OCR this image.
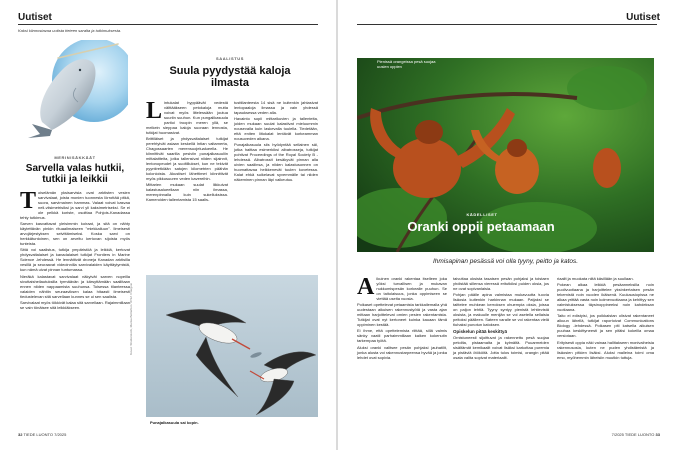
Uutiset
Kaksi kiinnostavaa uutista tieteen saralta ja tutkimuksesta.
MERINISÄKKÄÄT
Sarvella valas hutkii, tutkii ja leikkii
T oiselämän yksisarvisia ovat arktisten vesien sarvivalaat, joista monien tuonnesta lörrottää pitkä, suora, sarvimainen hammas. Valaat voivat kasvaa neli-viisimetrisiksi ja sarvi yli kaksimetriseksi. Se ei ole pelkkä koriste, osoittaa Pohjois-Kanadassa tehty tutkimus.

Sarven kasvattavat yleisimmin koiraat, ja sitä on nähty käytettävän pinkin rituaalimaiseen "miekkailuun". Ilmeisesti arvojärjestyksen selvittämiseksi. Koska sarvi on herkkätuntoinen, sen on arveltu kertovan sijoista myös tunteista.

Sittä voi saalistus, tutkija ympäristöä ja leikkiä, kertovat yhdysvaltalaiset ja kanadalaiset tutkijat Frontiers in Marine Science -lehdessä. He lennättivät droneja Kanadan arktisilla vesillä ja seuraavat videoinnilla sarvivalaiden käyttäytymistä, kun nämä uivat pinnan tuntumassa.

Nieräkä kalastavat sarvivalaat näkyivät sarven nopeilla sivuttaisheilautuksilla tyrmäävän ja kärsyttämään saaliitaan ennen niiden nappaamista suuhunsa. Toisessa tilanteessa valaiden nähtiin seuraaviksen kalaa hitaasti ilmeisesti tiedustelevan sitä sarvellaan kunnes se ui sen saalista.

Sarvivalaat myös tökkivät kalaa sitä sarvellaan. Rajaimmillaan se vain tönäisee sitä leikkiäkseen.

SAALISTUS
Suula pyydystää kaloja ilmasta
L intukalat hyppäävät vedestä välttääkseen petokaloja mutta voivat myös liitelessään joutua suuriin suuhun. Kun pungalikasuula partioi troopin meren yllä, se melkein sieppaa kaloja suoraan lennosta, tutkijat huomasivat.

Brittiläiset ja yhdysvaltalaiset tutkijat perehtyivät asiaan keskellä Intian valtamerta, Chagossaarten merensuojelualueella. He kiinnittivät saarilla pesiviin punajalkasuuliin mittalaitteita, jotka tallensivat niiden sijainnit, lentonopeudet ja suoltillukset, kun ne tekivät pyyntiretkiään satojen kilometrien päähän kolonioista. Akustiset lähettimet kiinnittivät myös pikkusuuren veden kavereihin.

Mittarien mukaan suulat liikkuivat kalastusalueellaan niin ilmassa, merenpinnalla kuin sukelluksissa. Kameroiden tallentamista 15 saalis-

tusttilanteesta 14 sisä ne kuitenkin jahtasivat lentopaaloja ilmassa ja vain yhdessä tapauksessa veden alla.

Havainto sopii mittarikuvien ja tallenteita, joiden mukaan suulat kalastivat mieluummin nousevalla kuin laskevalla tuulella. Tiedetään, että eniten liitokalat lentävät korkeamman nousuveden aikana.

Punajalkasuula siis hyödyntää sellainen säi, jotka haittaa esimerkiksi albatrosseja, tutkijat pohtivat Proceedings of the Royal Society B -lehdessä. Albatrossit kesäkyvät pinnan alla uivien saaliinsa, ja niiden kalastusonnen on huomattavaa heikkenevät tuulen kovetessa. Kalat ehkä suikelavat syvemmälle tai niiden näkeminen pinnan läpi vaikeutuu.

Punajalkasuula sai kopin.
Kuvat: Shutterstock, Marisa Botterbot / ICSZ / Nargosi
32 TIEDE LUONTO 7/2025
Uutiset
Pienissä orangeissa pesä suojaa uusien oppien
KÄDELLISET
Oranki oppii petaamaan
Ihmisapinan pesässä voi olla tyyny, peitto ja katos.
A ikuinen oranki rakentaa itselleen joka yöksi turvallisen ja mukavan nukkumispesän korkealle puuhun. Se on taitolaisuus, jonka oppimiseen se viettää useita vuosia.

Poikaset opettelevat petaamista tarkkailemalla yhä uudestaan aikuisen rakennustyötä ja vasta ajan mittaan harjoittelevat omien pesien rakentamista. Tutkijat ovat nyt kertoneet kuinka kauaan tämä oppiminen kestää.

Ei ihme, että opettelemista riittää, sillä valmis sänky vaatii parhaimmillaan kaiken kokenutin tarkempaa työtä.

Aluksi oranki valitsee pesän pohjaksi jauhatilit, jonka alusta voi rakennustarpeensa hyvää ja jonka lehdet ovat sopivia.

taivuttaa oksista tasaisen pesän pohjaksi ja toistaen yhdistää sillensa vieressä eritutkiksi puiden oksia, jos ne ovat sopivanlaisia.

Pohjan päälle apina valmistaa mukavuutta tuovia lisäosia kuitenkin harkinnan mukaan. Patjaksi se taittelee muhkean kerroksen ohuempia oksia, joissa on paljon lehtiä. Tyyny syntyy pienistä lehtievistä oksista, ja makuulle menijän se voi asetella sellaisia peitoksi päälleen. Sateen varalle se voi rakentaa vielä tiuhaksi punotun katoksen.

Opiskelun pitää keskittyä

Ornistuneesti sijoittuvat ja rakennettu pesä suojaa petoilta, pistaamalta ja kylmältä. Puuarmeiden sisältämät kemikaalit voivat lisäksi karkottaa puremia ja pistäviä ötököitä. Jotta tulos toimisi, orangin pitää osata valita sopivat materiaalit.

riaalit ja muokata niitä käsillään ja suullaan.

Pokean alkaa leikkiä pesäanneksilla noin puolivuotiaana ja harjoittelee yksinkertaisen pesän tekemistä noin vuoden ikäisenä. Kuukausiopissa ne alkaa yrittää vasta noin kolmevuotiaana ja kehittyy sen valmistuksessa täysinoppineeksi noin kahdeksan vuotiaana.

Taito ei edistyisi, jos poikkaistan olisivat rakentaneet alkuun lähellä, tutkijat raportoivat Communications Biology -lehdessä. Poikasen piti katsella aikuisen puuhaa keskittyneesti ja sen pitäisi kokeilla omaa versiotaan.

Erityisesti oppia näki vainaa hallitakseen monivaiheisia rakennusosia, kuten ne puden yhdistämistä ja lisäosien pitkien lisäksi. Aluksi malleina toimi oma emo, myöhemmin läheisiin muutkin tuttuja.

7/2025 TIEDE LUONTO 33
